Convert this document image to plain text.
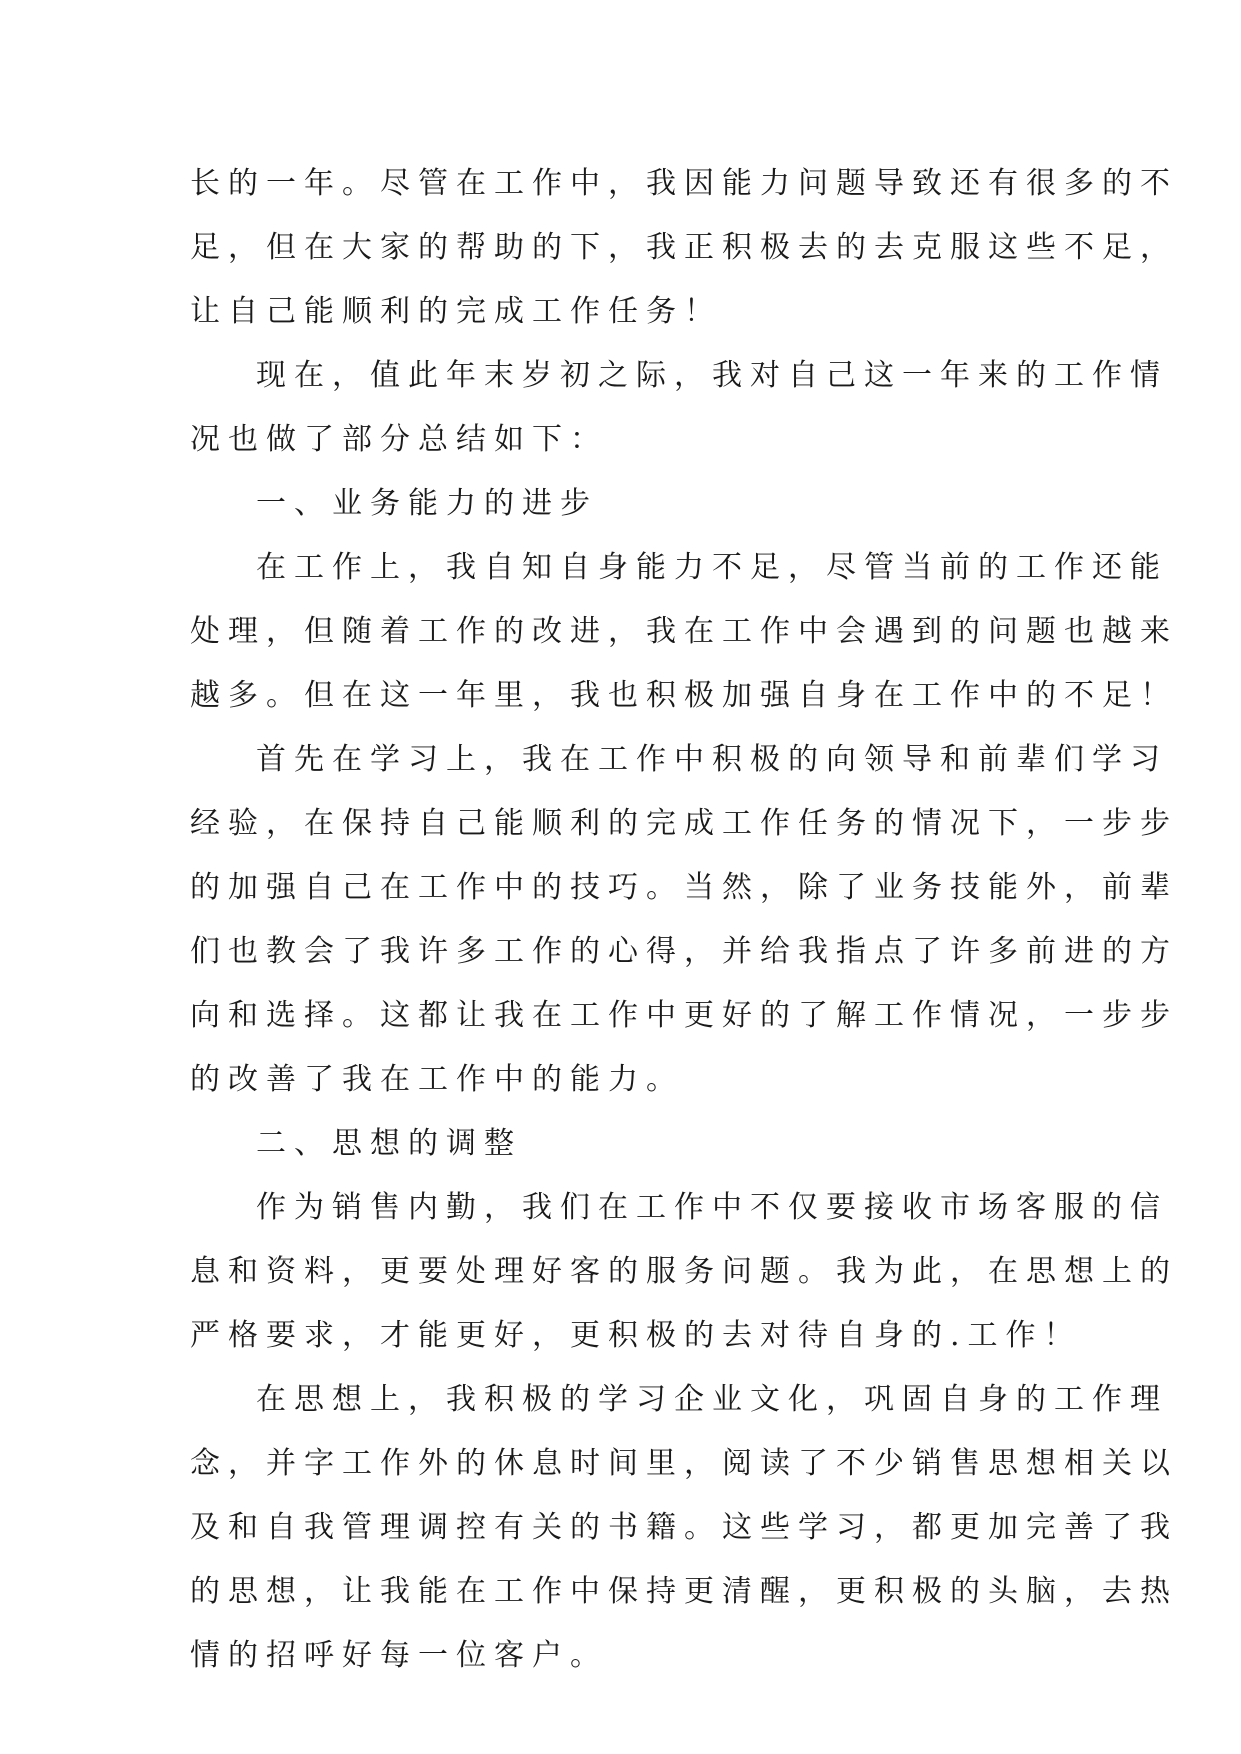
长的一年。尽管在工作中，我因能力问题导致还有很多的不
足，但在大家的帮助的下，我正积极去的去克服这些不足，
让自己能顺利的完成工作任务！
现在，值此年末岁初之际，我对自己这一年来的工作情
况也做了部分总结如下：
一、业务能力的进步
在工作上，我自知自身能力不足，尽管当前的工作还能
处理，但随着工作的改进，我在工作中会遇到的问题也越来
越多。但在这一年里，我也积极加强自身在工作中的不足！
首先在学习上，我在工作中积极的向领导和前辈们学习
经验，在保持自己能顺利的完成工作任务的情况下，一步步
的加强自己在工作中的技巧。当然，除了业务技能外，前辈
们也教会了我许多工作的心得，并给我指点了许多前进的方
向和选择。这都让我在工作中更好的了解工作情况，一步步
的改善了我在工作中的能力。
二、思想的调整
作为销售内勤，我们在工作中不仅要接收市场客服的信
息和资料，更要处理好客的服务问题。我为此，在思想上的
严格要求，才能更好，更积极的去对待自身的.工作！
在思想上，我积极的学习企业文化，巩固自身的工作理
念，并字工作外的休息时间里，阅读了不少销售思想相关以
及和自我管理调控有关的书籍。这些学习，都更加完善了我
的思想，让我能在工作中保持更清醒，更积极的头脑，去热
情的招呼好每一位客户。
